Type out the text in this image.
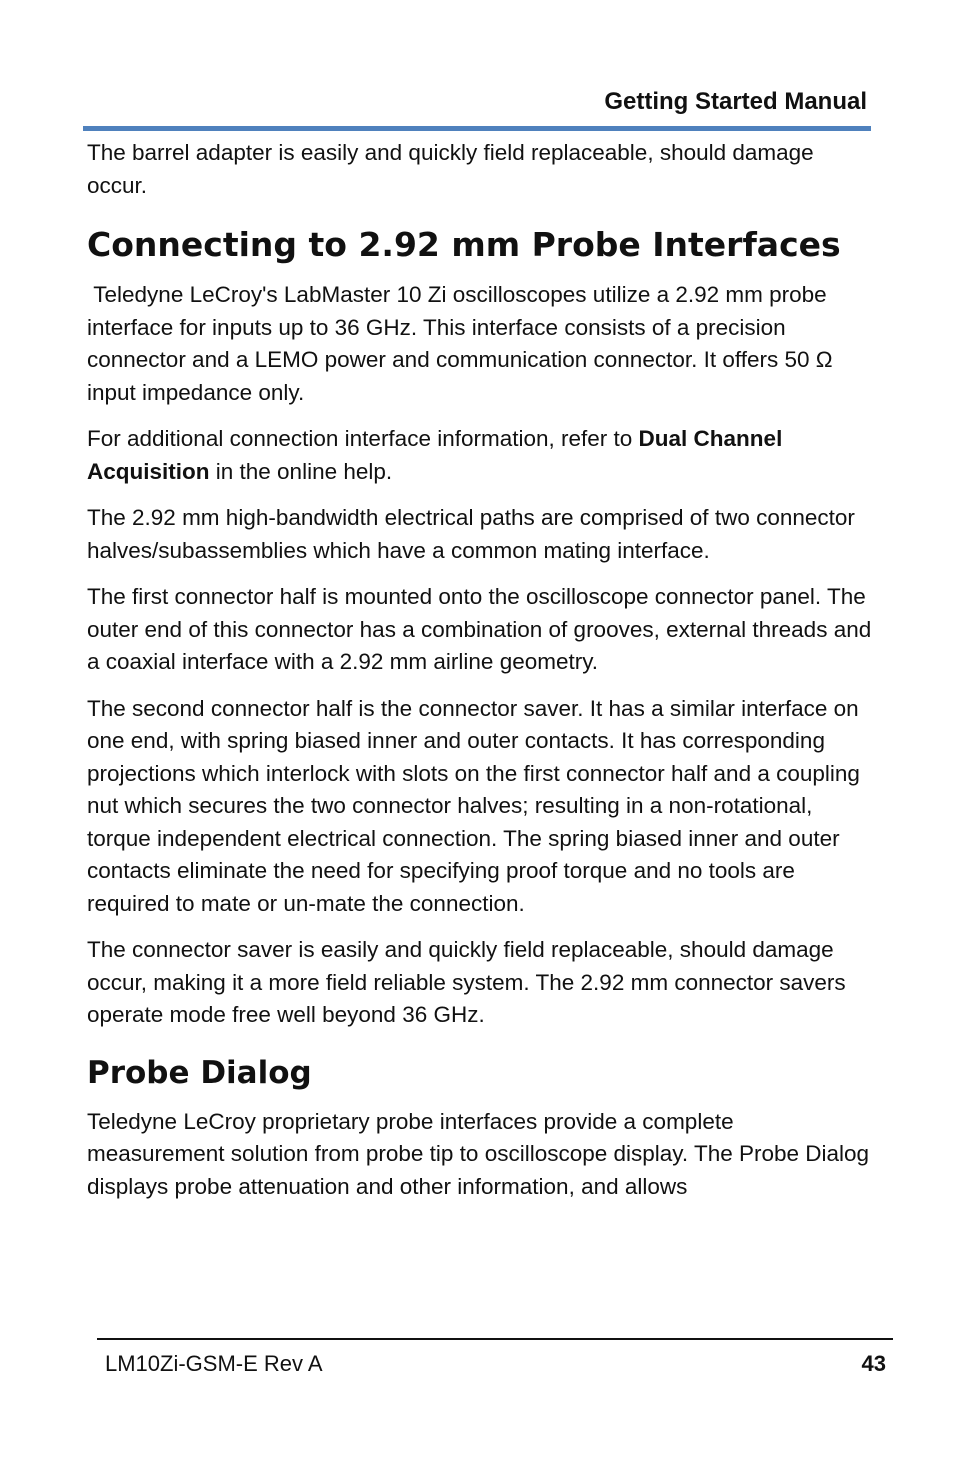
Getting Started Manual

The barrel adapter is easily and quickly field replaceable, should damage occur.

Connecting to 2.92 mm Probe Interfaces

Teledyne LeCroy's LabMaster 10 Zi oscilloscopes utilize a 2.92 mm probe interface for inputs up to 36 GHz. This interface consists of a precision connector and a LEMO power and communication connector. It offers 50 Ω input impedance only.

For additional connection interface information, refer to Dual Channel Acquisition in the online help.

The 2.92 mm high-bandwidth electrical paths are comprised of two connector halves/subassemblies which have a common mating interface.

The first connector half is mounted onto the oscilloscope connector panel. The outer end of this connector has a combination of grooves, external threads and a coaxial interface with a 2.92 mm airline geometry.

The second connector half is the connector saver. It has a similar interface on one end, with spring biased inner and outer contacts. It has corresponding projections which interlock with slots on the first connector half and a coupling nut which secures the two connector halves; resulting in a non-rotational, torque independent electrical connection. The spring biased inner and outer contacts eliminate the need for specifying proof torque and no tools are required to mate or un-mate the connection.

The connector saver is easily and quickly field replaceable, should damage occur, making it a more field reliable system. The 2.92 mm connector savers operate mode free well beyond 36 GHz.

Probe Dialog

Teledyne LeCroy proprietary probe interfaces provide a complete measurement solution from probe tip to oscilloscope display. The Probe Dialog displays probe attenuation and other information, and allows

LM10Zi-GSM-E Rev A	43
